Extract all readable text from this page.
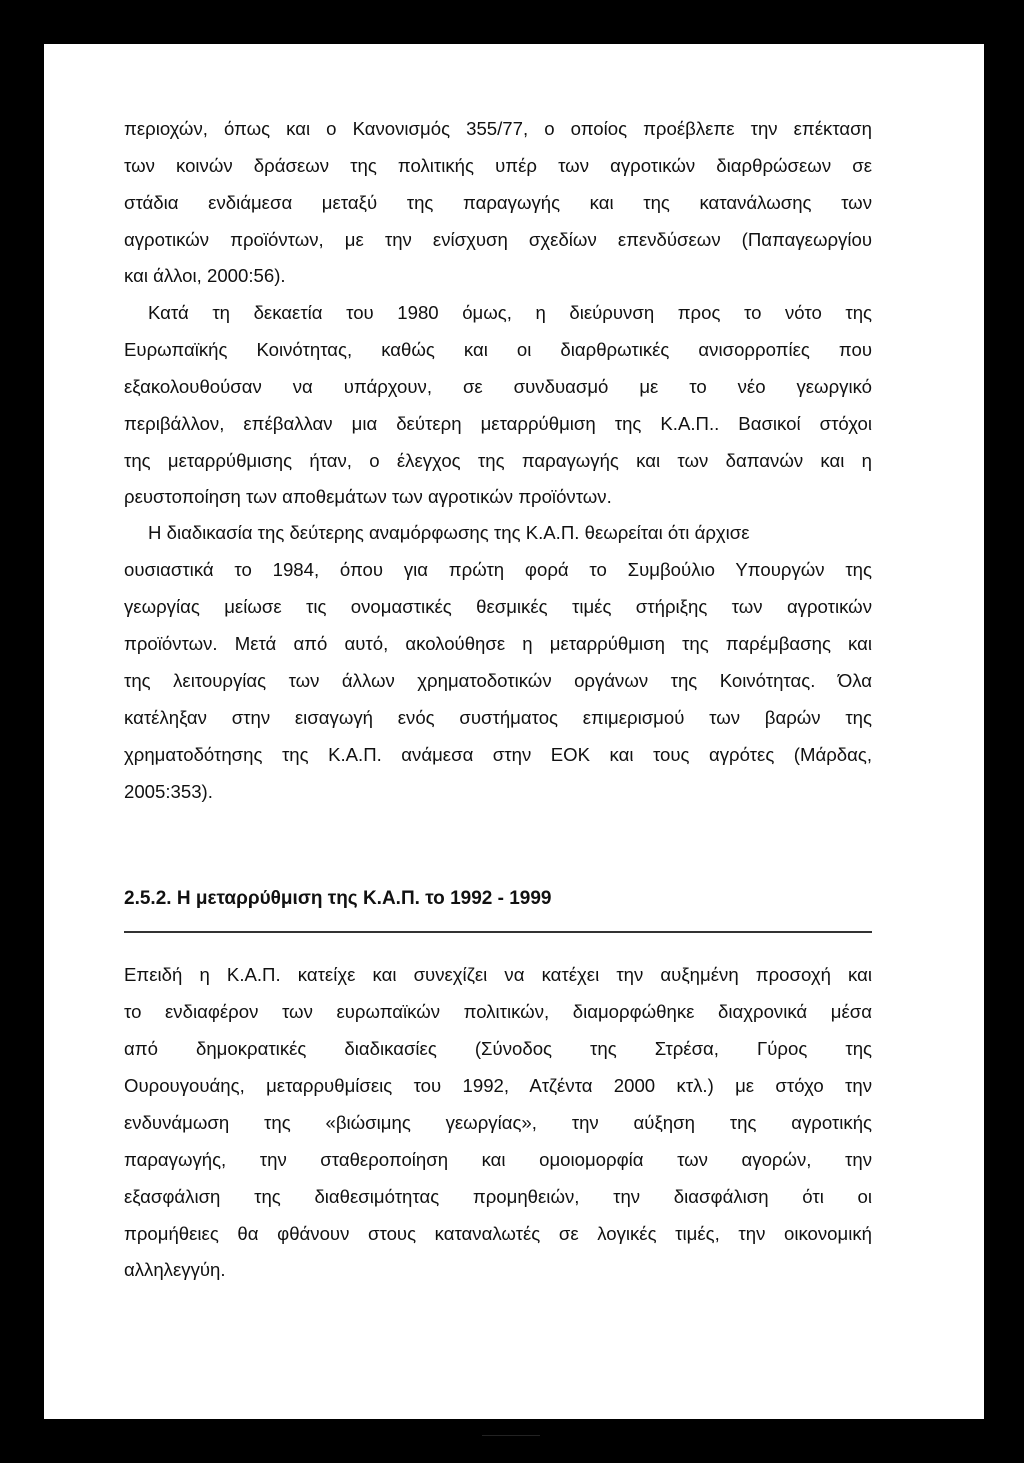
περιοχών, όπως και ο Κανονισμός 355/77, ο οποίος προέβλεπε την επέκταση

των κοινών δράσεων της πολιτικής υπέρ των αγροτικών διαρθρώσεων σε

στάδια ενδιάμεσα μεταξύ της παραγωγής και της κατανάλωσης των

αγροτικών προϊόντων, με την ενίσχυση σχεδίων επενδύσεων (Παπαγεωργίου

και άλλοι, 2000:56).

Κατά τη δεκαετία του 1980 όμως, η διεύρυνση προς το νότο της

Ευρωπαϊκής Κοινότητας, καθώς και οι διαρθρωτικές ανισορροπίες που

εξακολουθούσαν να υπάρχουν, σε συνδυασμό με το νέο γεωργικό

περιβάλλον, επέβαλλαν μια δεύτερη μεταρρύθμιση της Κ.Α.Π.. Βασικοί στόχοι

της μεταρρύθμισης ήταν, ο έλεγχος της παραγωγής και των δαπανών και η

ρευστοποίηση των αποθεμάτων των αγροτικών προϊόντων.

Η διαδικασία της δεύτερης αναμόρφωσης της Κ.Α.Π. θεωρείται ότι άρχισε

ουσιαστικά το 1984, όπου για πρώτη φορά το Συμβούλιο Υπουργών της

γεωργίας μείωσε τις ονομαστικές θεσμικές τιμές στήριξης των αγροτικών

προϊόντων. Μετά από αυτό, ακολούθησε η μεταρρύθμιση της παρέμβασης και

της λειτουργίας των άλλων χρηματοδοτικών οργάνων της Κοινότητας. Όλα

κατέληξαν στην εισαγωγή ενός συστήματος επιμερισμού των βαρών της

χρηματοδότησης της Κ.Α.Π. ανάμεσα στην ΕΟΚ και τους αγρότες (Μάρδας,

2005:353).

2.5.2. Η μεταρρύθμιση της Κ.Α.Π. το 1992 - 1999

Επειδή η Κ.Α.Π. κατείχε και συνεχίζει να κατέχει την αυξημένη προσοχή και

το ενδιαφέρον των ευρωπαϊκών πολιτικών, διαμορφώθηκε διαχρονικά μέσα

από δημοκρατικές διαδικασίες (Σύνοδος της Στρέσα, Γύρος της

Ουρουγουάης, μεταρρυθμίσεις του 1992, Ατζέντα 2000 κτλ.) με στόχο την

ενδυνάμωση της «βιώσιμης γεωργίας», την αύξηση της αγροτικής

παραγωγής, την σταθεροποίηση και ομοιομορφία των αγορών, την

εξασφάλιση της διαθεσιμότητας προμηθειών, την διασφάλιση ότι οι

προμήθειες θα φθάνουν στους καταναλωτές σε λογικές τιμές, την οικονομική

αλληλεγγύη.
